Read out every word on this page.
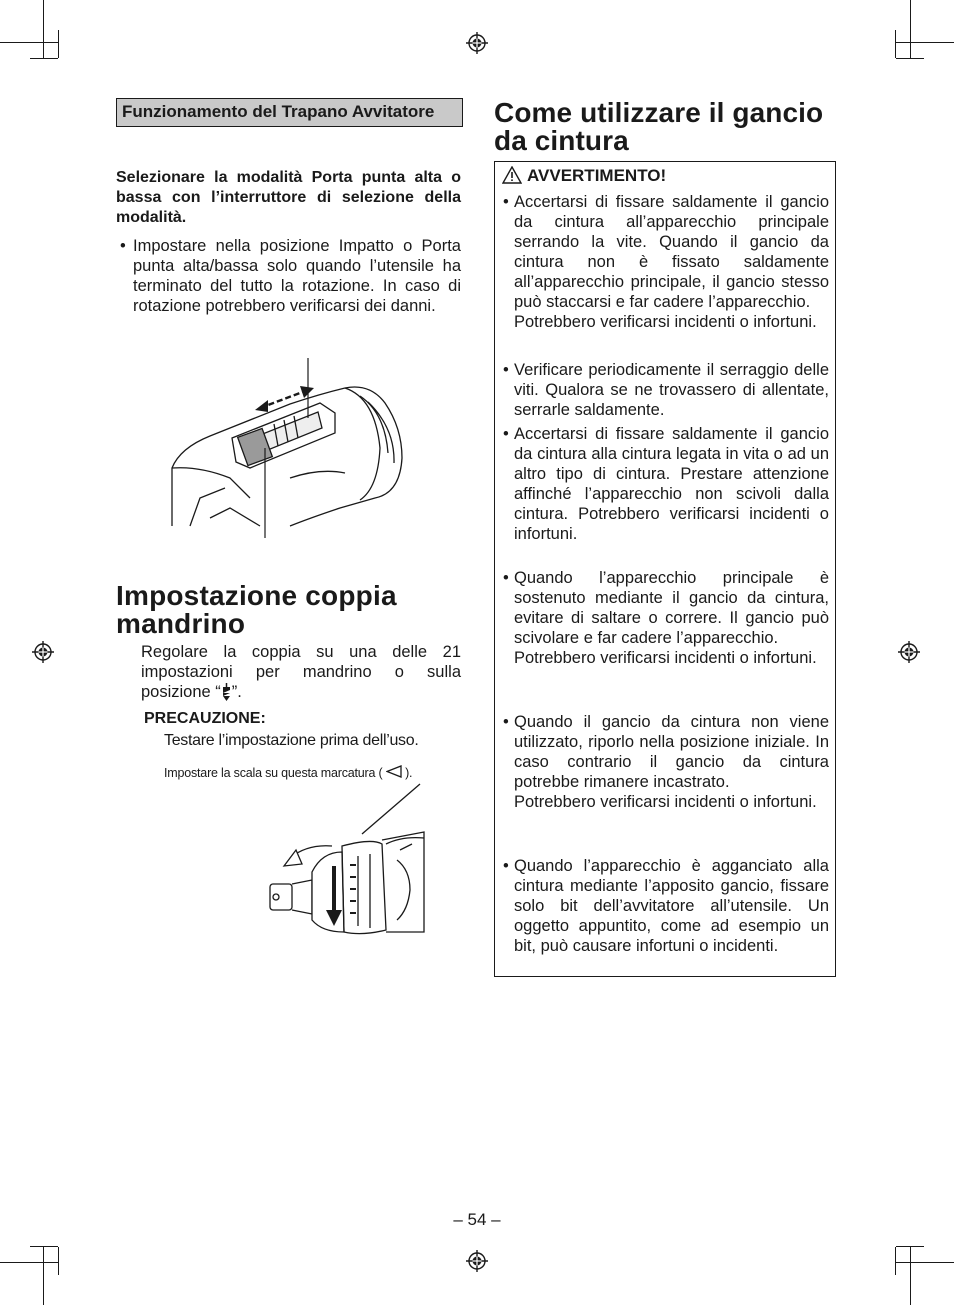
Funzionamento del Trapano Avvitatore
Selezionare la modalità Porta punta alta o bassa con l’interruttore di selezione della modalità.
• Impostare nella posizione Impatto o Porta punta alta/bassa solo quando l’utensile ha terminato del tutto la rotazione. In caso di rotazione potrebbero verificarsi dei danni.
Impostazione coppia mandrino
Regolare la coppia su una delle 21 impostazioni per mandrino o sulla posizione “ ”.
PRECAUZIONE:
Testare l’impostazione prima dell’uso.
Impostare la scala su questa marcatura ( ).
Come utilizzare il gancio da cintura
AVVERTIMENTO!
• Accertarsi di fissare saldamente il gancio da cintura all’apparecchio principale serrando la vite. Quando il gancio da cintura non è fissato saldamente all’apparecchio principale, il gancio stesso può staccarsi e far cadere l’apparecchio.
Potrebbero verificarsi incidenti o infortuni.
• Verificare periodicamente il serraggio delle viti. Qualora se ne trovassero di allentate, serrarle saldamente.
• Accertarsi di fissare saldamente il gancio da cintura alla cintura legata in vita o ad un altro tipo di cintura. Prestare attenzione affinché l’apparecchio non scivoli dalla cintura. Potrebbero verificarsi incidenti o infortuni.
• Quando l’apparecchio principale è sostenuto mediante il gancio da cintura, evitare di saltare o correre. Il gancio può scivolare e far cadere l’apparecchio.
Potrebbero verificarsi incidenti o infortuni.
• Quando il gancio da cintura non viene utilizzato, riporlo nella posizione iniziale. In caso contrario il gancio da cintura potrebbe rimanere incastrato.
Potrebbero verificarsi incidenti o infortuni.
• Quando l’apparecchio è agganciato alla cintura mediante l’apposito gancio, fissare solo bit dell’avvitatore all’utensile. Un oggetto appuntito, come ad esempio un bit, può causare infortuni o incidenti.
– 54 –
